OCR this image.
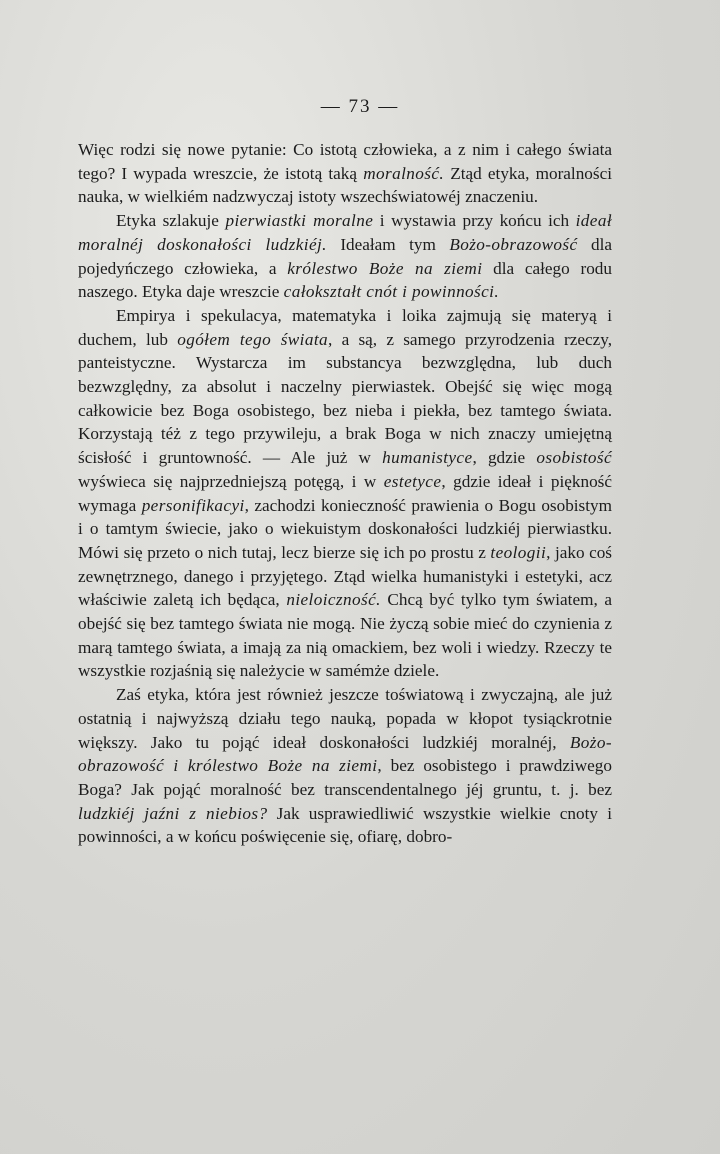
— 73 —

Więc rodzi się nowe pytanie: Co istotą człowieka, a z nim i całego świata tego? I wypada wreszcie, że istotą taką moralność. Ztąd etyka, moralności nauka, w wielkiém nadzwyczaj istoty wszechświatowéj znaczeniu.

Etyka szlakuje pierwiastki moralne i wystawia przy końcu ich ideał moralnéj doskonałości ludzkiéj. Ideałam tym Bożo-obrazowość dla pojedyńczego człowieka, a królestwo Boże na ziemi dla całego rodu naszego. Etyka daje wreszcie całokształt cnót i powinności.

Empirya i spekulacya, matematyka i loika zajmują się materyą i duchem, lub ogółem tego świata, a są, z samego przyrodzenia rzeczy, panteistyczne. Wystarcza im substancya bezwzględna, lub duch bezwzględny, za absolut i naczelny pierwiastek. Obejść się więc mogą całkowicie bez Boga osobistego, bez nieba i piekła, bez tamtego świata. Korzystają téż z tego przywileju, a brak Boga w nich znaczy umiejętną ścisłość i gruntowność. — Ale już w humanistyce, gdzie osobistość wyświeca się najprzedniejszą potęgą, i w estetyce, gdzie ideał i piękność wymaga personifikacyi, zachodzi konieczność prawienia o Bogu osobistym i o tamtym świecie, jako o wiekuistym doskonałości ludzkiéj pierwiastku. Mówi się przeto o nich tutaj, lecz bierze się ich po prostu z teologii, jako coś zewnętrznego, danego i przyjętego. Ztąd wielka humanistyki i estetyki, acz właściwie zaletą ich będąca, nieloiczność. Chcą być tylko tym światem, a obejść się bez tamtego świata nie mogą. Nie życzą sobie mieć do czynienia z marą tamtego świata, a imają za nią omackiem, bez woli i wiedzy. Rzeczy te wszystkie rozjaśnią się należycie w samémże dziele.

Zaś etyka, która jest również jeszcze toświatową i zwyczajną, ale już ostatnią i najwyższą działu tego nauką, popada w kłopot tysiąckrotnie większy. Jako tu pojąć ideał doskonałości ludzkiéj moralnéj, Bożo-obrazowość i królestwo Boże na ziemi, bez osobistego i prawdziwego Boga? Jak pojąć moralność bez transcendentalnego jéj gruntu, t. j. bez ludzkiéj jaźni z niebios? Jak usprawiedliwić wszystkie wielkie cnoty i powinności, a w końcu poświęcenie się, ofiarę, dobro-
